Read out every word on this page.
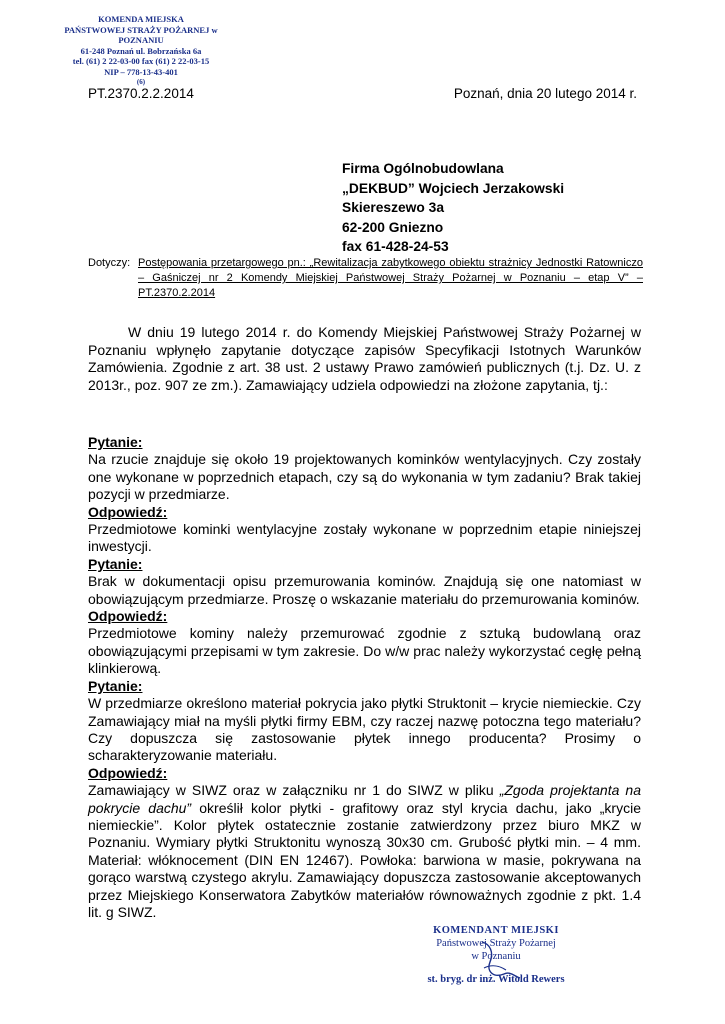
KOMENDA MIEJSKA
PAŃSTWOWEJ STRAŻY POŻARNEJ w POZNANIU
61-248 Poznań ul. Bobrzańska 6a
tel. (61) 2 22-03-00 fax (61) 2 22-03-15
NIP – 778-13-43-401
(6)
PT.2370.2.2.2014	Poznań, dnia 20 lutego 2014 r.
Firma Ogólnobudowlana
„DEKBUD” Wojciech Jerzakowski
Skiereszewo 3a
62-200 Gniezno
fax 61-428-24-53
Dotyczy: Postępowania przetargowego pn.: „Rewitalizacja zabytkowego obiektu strażnicy Jednostki Ratowniczo – Gaśniczej nr 2 Komendy Miejskiej Państwowej Straży Pożarnej w Poznaniu – etap V” – PT.2370.2.2014
W dniu 19 lutego 2014 r. do Komendy Miejskiej Państwowej Straży Pożarnej w Poznaniu wpłynęło zapytanie dotyczące zapisów Specyfikacji Istotnych Warunków Zamówienia. Zgodnie z art. 38 ust. 2 ustawy Prawo zamówień publicznych (t.j. Dz. U. z 2013r., poz. 907 ze zm.). Zamawiający udziela odpowiedzi na złożone zapytania, tj.:
Pytanie:
Na rzucie znajduje się około 19 projektowanych kominków wentylacyjnych. Czy zostały one wykonane w poprzednich etapach, czy są do wykonania w tym zadaniu? Brak takiej pozycji w przedmiarze.
Odpowiedź:
Przedmiotowe kominki wentylacyjne zostały wykonane w poprzednim etapie niniejszej inwestycji.
Pytanie:
Brak w dokumentacji opisu przemurowania kominów. Znajdują się one natomiast w obowiązującym przedmiarze. Proszę o wskazanie materiału do przemurowania kominów.
Odpowiedź:
Przedmiotowe kominy należy przemurować zgodnie z sztuką budowlaną oraz obowiązującymi przepisami w tym zakresie. Do w/w prac należy wykorzystać cegłę pełną klinkierową.
Pytanie:
W przedmiarze określono materiał pokrycia jako płytki Struktonit – krycie niemieckie. Czy Zamawiający miał na myśli płytki firmy EBM, czy raczej nazwę potoczna tego materiału? Czy dopuszcza się zastosowanie płytek innego producenta? Prosimy o scharakteryzowanie materiału.
Odpowiedź:
Zamawiający w SIWZ oraz w załączniku nr 1 do SIWZ w pliku „Zgoda projektanta na pokrycie dachu” określił kolor płytki - grafitowy oraz styl krycia dachu, jako „krycie niemieckie”. Kolor płytek ostatecznie zostanie zatwierdzony przez biuro MKZ w Poznaniu. Wymiary płytki Struktonitu wynoszą 30x30 cm. Grubość płytki min. – 4 mm. Materiał: włóknocement (DIN EN 12467). Powłoka: barwiona w masie, pokrywana na gorąco warstwą czystego akrylu. Zamawiający dopuszcza zastosowanie akceptowanych przez Miejskiego Konserwatora Zabytków materiałów równoważnych zgodnie z pkt. 1.4 lit. g SIWZ.
KOMENDANT MIEJSKI
Państwowej Straży Pożarnej
w Poznaniu
st. bryg. dr inż. Witold Rewers
